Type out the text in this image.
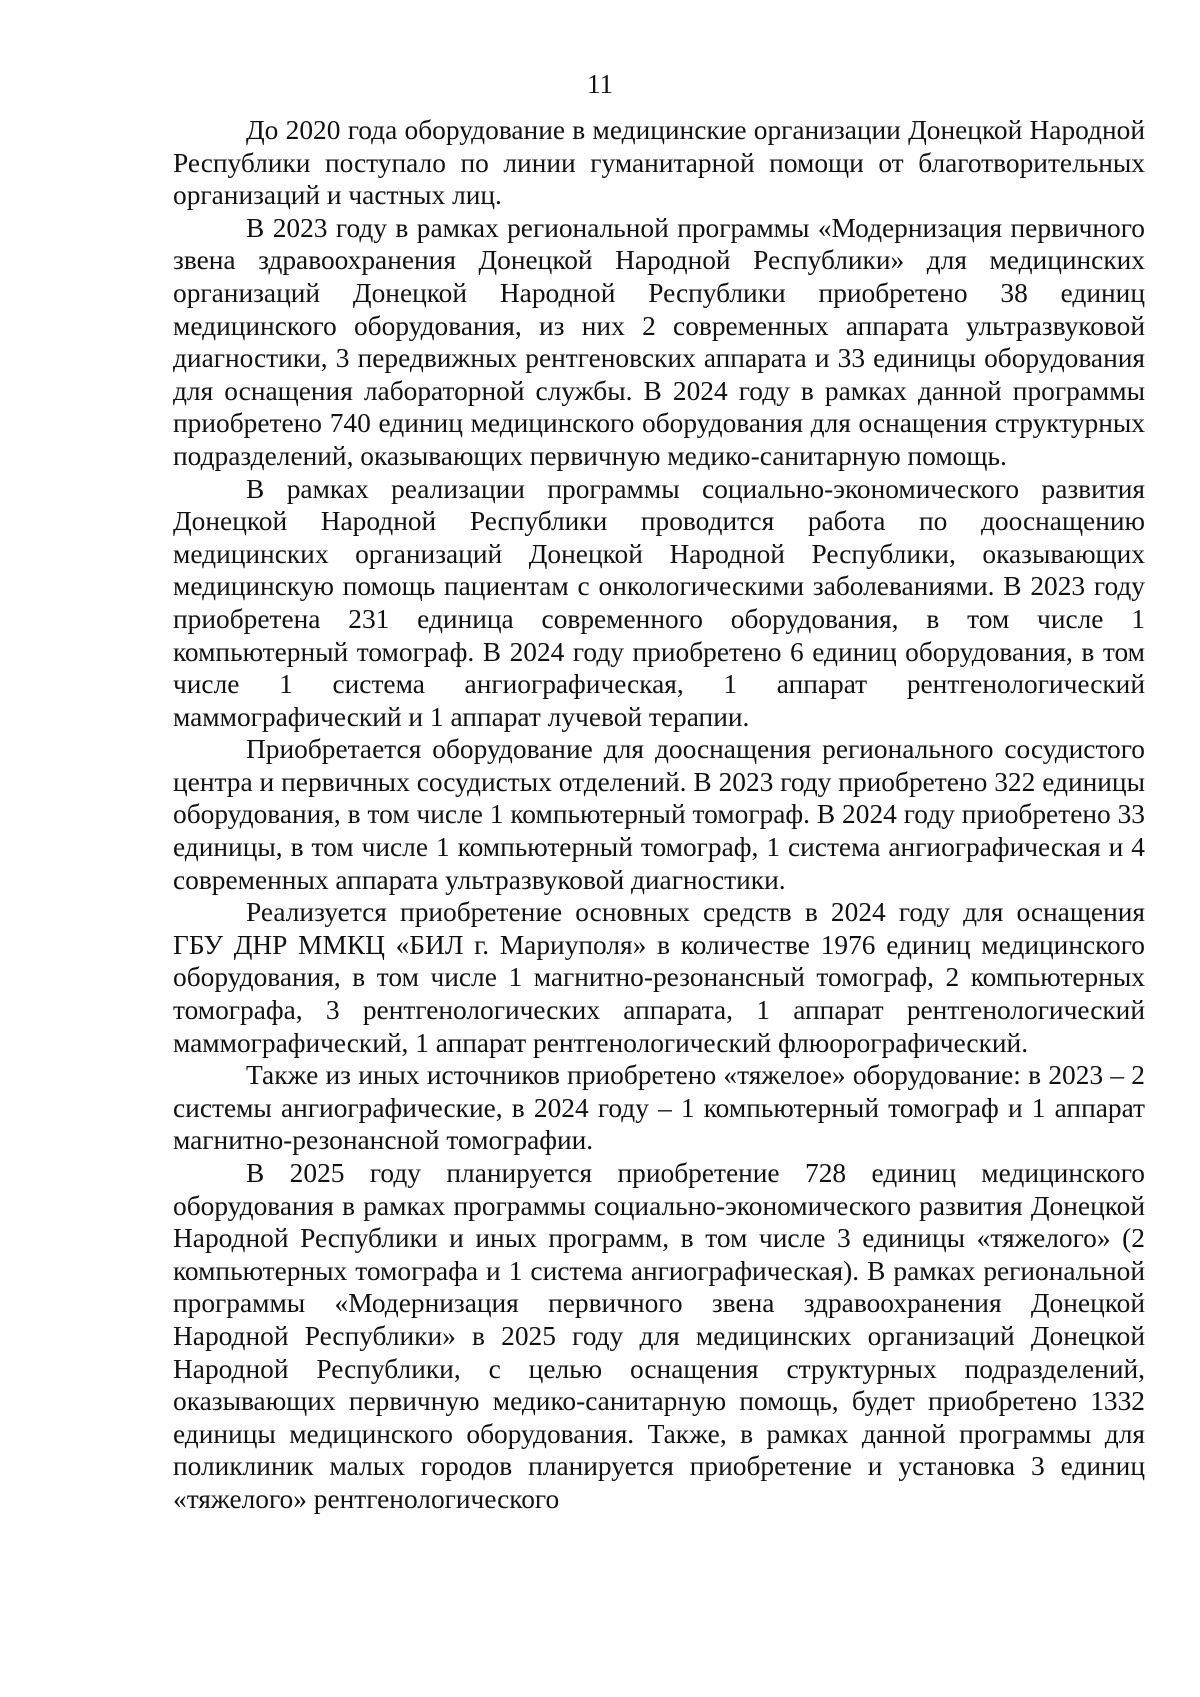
11

До 2020 года оборудование в медицинские организации Донецкой Народной Республики поступало по линии гуманитарной помощи от благотворительных организаций и частных лиц.

В 2023 году в рамках региональной программы «Модернизация первичного звена здравоохранения Донецкой Народной Республики» для медицинских организаций Донецкой Народной Республики приобретено 38 единиц медицинского оборудования, из них 2 современных аппарата ультразвуковой диагностики, 3 передвижных рентгеновских аппарата и 33 единицы оборудования для оснащения лабораторной службы. В 2024 году в рамках данной программы приобретено 740 единиц медицинского оборудования для оснащения структурных подразделений, оказывающих первичную медико-санитарную помощь.

В рамках реализации программы социально-экономического развития Донецкой Народной Республики проводится работа по дооснащению медицинских организаций Донецкой Народной Республики, оказывающих медицинскую помощь пациентам с онкологическими заболеваниями. В 2023 году приобретена 231 единица современного оборудования, в том числе 1 компьютерный томограф. В 2024 году приобретено 6 единиц оборудования, в том числе 1 система ангиографическая, 1 аппарат рентгенологический маммографический и 1 аппарат лучевой терапии.

Приобретается оборудование для дооснащения регионального сосудистого центра и первичных сосудистых отделений. В 2023 году приобретено 322 единицы оборудования, в том числе 1 компьютерный томограф. В 2024 году приобретено 33 единицы, в том числе 1 компьютерный томограф, 1 система ангиографическая и 4 современных аппарата ультразвуковой диагностики.

Реализуется приобретение основных средств в 2024 году для оснащения ГБУ ДНР ММКЦ «БИЛ г. Мариуполя» в количестве 1976 единиц медицинского оборудования, в том числе 1 магнитно-резонансный томограф, 2 компьютерных томографа, 3 рентгенологических аппарата, 1 аппарат рентгенологический маммографический, 1 аппарат рентгенологический флюорографический.

Также из иных источников приобретено «тяжелое» оборудование: в 2023 – 2 системы ангиографические, в 2024 году – 1 компьютерный томограф и 1 аппарат магнитно-резонансной томографии.

В 2025 году планируется приобретение 728 единиц медицинского оборудования в рамках программы социально-экономического развития Донецкой Народной Республики и иных программ, в том числе 3 единицы «тяжелого» (2 компьютерных томографа и 1 система ангиографическая). В рамках региональной программы «Модернизация первичного звена здравоохранения Донецкой Народной Республики» в 2025 году для медицинских организаций Донецкой Народной Республики, с целью оснащения структурных подразделений, оказывающих первичную медико-санитарную помощь, будет приобретено 1332 единицы медицинского оборудования. Также, в рамках данной программы для поликлиник малых городов планируется приобретение и установка 3 единиц «тяжелого» рентгенологического
